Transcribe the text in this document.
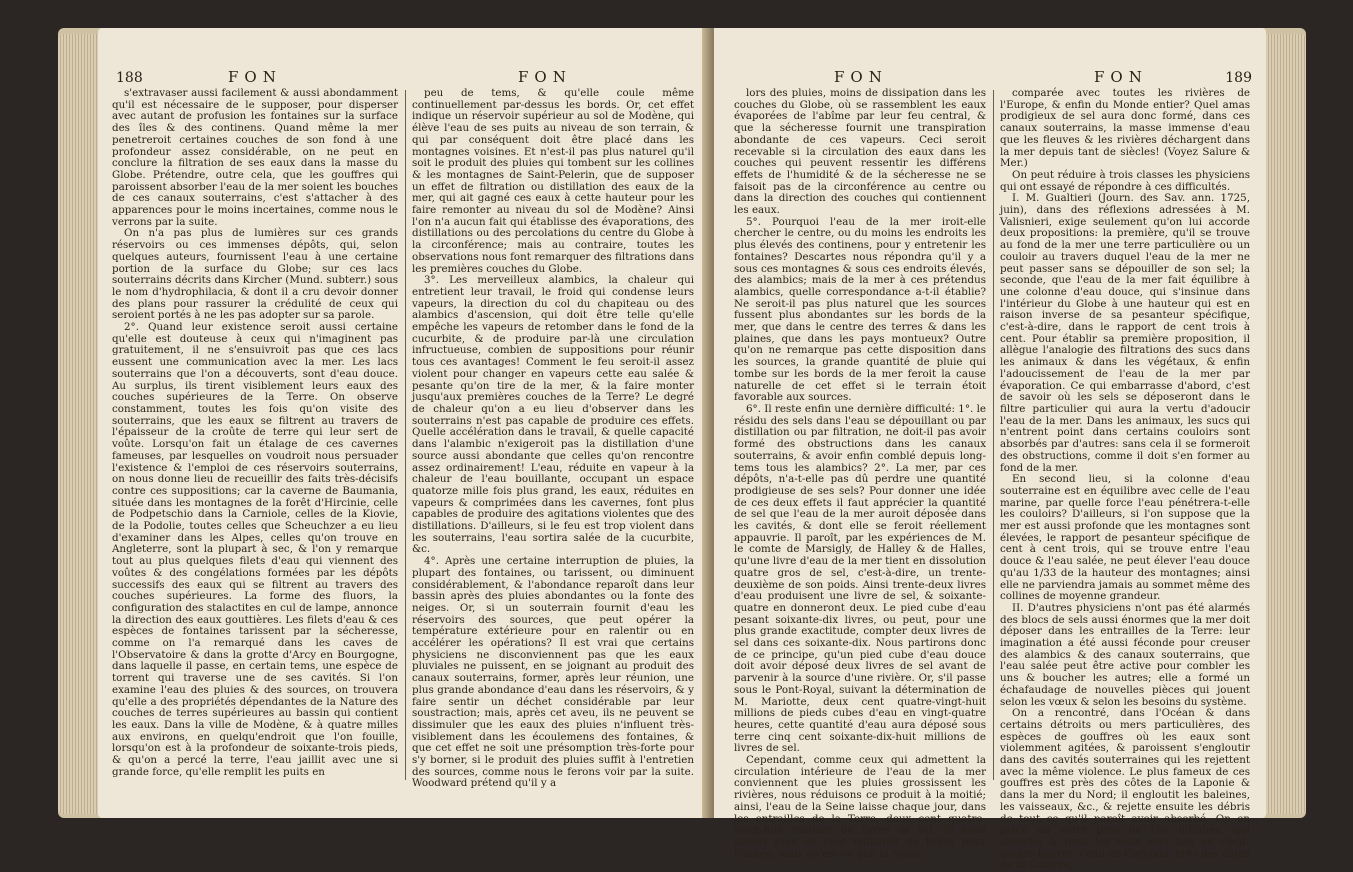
188	FON	FON

s'extravaser aussi facilement & aussi abondamment qu'il est nécessaire de le supposer, pour disperser avec autant de profusion les fontaines sur la surface des îles & des continens. Quand même la mer penetreroit certaines couches de son fond à une profondeur assez considérable, on ne peut en conclure la filtration de ses eaux dans la masse du Globe. Prétendre, outre cela, que les gouffres qui paroissent absorber l'eau de la mer soient les bouches de ces canaux souterrains, c'est s'attacher à des apparences pour le moins incertaines, comme nous le verrons par la suite.

On n'a pas plus de lumières sur ces grands réservoirs ou ces immenses dépôts, qui, selon quelques auteurs, fournissent l'eau à une certaine portion de la surface du Globe; sur ces lacs souterrains décrits dans Kircher (Mund. subterr.) sous le nom d'hydrophilacia, & dont il a cru devoir donner des plans pour rassurer la crédulité de ceux qui seroient portés à ne les pas adopter sur sa parole.

2°. Quand leur existence seroit aussi certaine qu'elle est douteuse à ceux qui n'imaginent pas gratuitement, il ne s'ensuivroit pas que ces lacs eussent une communication avec la mer. Les lacs souterrains que l'on a découverts, sont d'eau douce. Au surplus, ils tirent visiblement leurs eaux des couches supérieures de la Terre. On observe constamment, toutes les fois qu'on visite des souterrains, que les eaux se filtrent au travers de l'épaisseur de la croûte de terre qui leur sert de voûte. Lorsqu'on fait un étalage de ces cavernes fameuses, par lesquelles on voudroit nous persuader l'existence & l'emploi de ces réservoirs souterrains, on nous donne lieu de recueillir des faits très-décisifs contre ces suppositions; car la caverne de Baumania, située dans les montagnes de la forêt d'Hircinie, celle de Podpetschio dans la Carniole, celles de la Kiovie, de la Podolie, toutes celles que Scheuchzer a eu lieu d'examiner dans les Alpes, celles qu'on trouve en Angleterre, sont la plupart à sec, & l'on y remarque tout au plus quelques filets d'eau qui viennent des voûtes & des congélations formées par les dépôts successifs des eaux qui se filtrent au travers des couches supérieures. La forme des fluors, la configuration des stalactites en cul de lampe, annonce la direction des eaux gouttières. Les filets d'eau & ces espèces de fontaines tarissent par la sécheresse, comme on l'a remarqué dans les caves de l'Observatoire & dans la grotte d'Arcy en Bourgogne, dans laquelle il passe, en certain tems, une espèce de torrent qui traverse une de ses cavités. Si l'on examine l'eau des pluies & des sources, on trouvera qu'elle a des propriétés dépendantes de la Nature des couches de terres supérieures au bassin qui contient les eaux. Dans la ville de Modène, & à quatre milles aux environs, en quelqu'endroit que l'on fouille, lorsqu'on est à la profondeur de soixante-trois pieds, & qu'on a percé la terre, l'eau jaillit avec une si grande force, qu'elle remplit les puits en

peu de tems, & qu'elle coule même continuellement par-dessus les bords. Or, cet effet indique un réservoir supérieur au sol de Modène, qui élève l'eau de ses puits au niveau de son terrain, & qui par conséquent doit être placé dans les montagnes voisines. Et n'est-il pas plus naturel qu'il soit le produit des pluies qui tombent sur les collines & les montagnes de Saint-Pelerin, que de supposer un effet de filtration ou distillation des eaux de la mer, qui ait gagné ces eaux à cette hauteur pour les faire remonter au niveau du sol de Modène? Ainsi l'on n'a aucun fait qui établisse des évaporations, des distillations ou des percolations du centre du Globe à la circonférence; mais au contraire, toutes les observations nous font remarquer des filtrations dans les premières couches du Globe.

3°. Les merveilleux alambics, la chaleur qui entretient leur travail, le froid qui condense leurs vapeurs, la direction du col du chapiteau ou des alambics d'ascension, qui doit être telle qu'elle empêche les vapeurs de retomber dans le fond de la cucurbite, & de produire par-là une circulation infructueuse, combien de suppositions pour réunir tous ces avantages! Comment le feu seroit-il assez violent pour changer en vapeurs cette eau salée & pesante qu'on tire de la mer, & la faire monter jusqu'aux premières couches de la Terre? Le degré de chaleur qu'on a eu lieu d'observer dans les souterrains n'est pas capable de produire ces effets. Quelle accélération dans le travail, & quelle capacité dans l'alambic n'exigeroit pas la distillation d'une source aussi abondante que celles qu'on rencontre assez ordinairement! L'eau, réduite en vapeur à la chaleur de l'eau bouillante, occupant un espace quatorze mille fois plus grand, les eaux, réduites en vapeurs & comprimées dans les cavernes, font plus capables de produire des agitations violentes que des distillations. D'ailleurs, si le feu est trop violent dans les souterrains, l'eau sortira salée de la cucurbite, &c.

4°. Après une certaine interruption de pluies, la plupart des fontaines, ou tarissent, ou diminuent considérablement, & l'abondance reparoît dans leur bassin après des pluies abondantes ou la fonte des neiges. Or, si un souterrain fournit d'eau les réservoirs des sources, que peut opérer la température extérieure pour en ralentir ou en accélérer les opérations? Il est vrai que certains physiciens ne disconviennent pas que les eaux pluviales ne puissent, en se joignant au produit des canaux souterrains, former, après leur réunion, une plus grande abondance d'eau dans les réservoirs, & y faire sentir un déchet considérable par leur soustraction; mais, après cet aveu, ils ne peuvent se dissimuler que les eaux des pluies n'influent très-visiblement dans les écoulemens des fontaines, & que cet effet ne soit une présomption très-forte pour s'y borner, si le produit des pluies suffit à l'entretien des sources, comme nous le ferons voir par la suite. Woodward prétend qu'il y a

FON	FON	189

lors des pluies, moins de dissipation dans les couches du Globe, où se rassemblent les eaux évaporées de l'abîme par leur feu central, & que la sécheresse fournit une transpiration abondante de ces vapeurs. Ceci seroit recevable si la circulation des eaux dans les couches qui peuvent ressentir les différens effets de l'humidité & de la sécheresse ne se faisoit pas de la circonférence au centre ou dans la direction des couches qui contiennent les eaux.

5°. Pourquoi l'eau de la mer iroit-elle chercher le centre, ou du moins les endroits les plus élevés des continens, pour y entretenir les fontaines? Descartes nous répondra qu'il y a sous ces montagnes & sous ces endroits élevés, des alambics; mais de la mer à ces prétendus alambics, quelle correspondance a-t-il établie? Ne seroit-il pas plus naturel que les sources fussent plus abondantes sur les bords de la mer, que dans le centre des terres & dans les plaines, que dans les pays montueux? Outre qu'on ne remarque pas cette disposition dans les sources, la grande quantité de pluie qui tombe sur les bords de la mer feroit la cause naturelle de cet effet si le terrain étoit favorable aux sources.

6°. Il reste enfin une dernière difficulté: 1°. le résidu des sels dans l'eau se dépouillant ou par distillation ou par filtration, ne doit-il pas avoir formé des obstructions dans les canaux souterrains, & avoir enfin comblé depuis long-tems tous les alambics? 2°. La mer, par ces dépôts, n'a-t-elle pas dû perdre une quantité prodigieuse de ses sels? Pour donner une idée de ces deux effets il faut apprécier la quantité de sel que l'eau de la mer auroit déposée dans les cavités, & dont elle se feroit réellement appauvrie. Il paroît, par les expériences de M. le comte de Marsigly, de Halley & de Halles, qu'une livre d'eau de la mer tient en dissolution quatre gros de sel, c'est-à-dire, un trente-deuxième de son poids. Ainsi trente-deux livres d'eau produisent une livre de sel, & soixante-quatre en donneront deux. Le pied cube d'eau pesant soixante-dix livres, ou peut, pour une plus grande exactitude, compter deux livres de sel dans ces soixante-dix. Nous partirons donc de ce principe, qu'un pied cube d'eau douce doit avoir déposé deux livres de sel avant de parvenir à la source d'une rivière. Or, s'il passe sous le Pont-Royal, suivant la détermination de M. Mariotte, deux cent quatre-vingt-huit millions de pieds cubes d'eau en vingt-quatre heures, cette quantité d'eau aura déposé sous terre cinq cent soixante-dix-huit millions de livres de sel.

Cependant, comme ceux qui admettent la circulation intérieure de l'eau de la mer conviennent que les pluies grossissent les rivières, nous réduisons ce produit à la moitié; ainsi, l'eau de la Seine laisse chaque jour, dans les entrailles de la Terre, deux cent quatre-vingt-huit millions de livres de sel. Si nous avions plus de cent milliards de livres pour l'année; mais qu'est-ce que la Seine,

comparée avec toutes les rivières de l'Europe, & enfin du Monde entier? Quel amas prodigieux de sel aura donc formé, dans ces canaux souterrains, la masse immense d'eau que les fleuves & les rivières déchargent dans la mer depuis tant de siècles! (Voyez Salure & Mer.)

On peut réduire à trois classes les physiciens qui ont essayé de répondre à ces difficultés.

I. M. Gualtieri (Journ. des Sav. ann. 1725, juin), dans des réflexions adressées à M. Valisnieri, exige seulement qu'on lui accorde deux propositions: la première, qu'il se trouve au fond de la mer une terre particulière ou un couloir au travers duquel l'eau de la mer ne peut passer sans se dépouiller de son sel; la seconde, que l'eau de la mer fait équilibre à une colonne d'eau douce, qui s'insinue dans l'intérieur du Globe à une hauteur qui est en raison inverse de sa pesanteur spécifique, c'est-à-dire, dans le rapport de cent trois à cent. Pour établir sa première proposition, il allègue l'analogie des filtrations des sucs dans les animaux & dans les végétaux, & enfin l'adoucissement de l'eau de la mer par évaporation. Ce qui embarrasse d'abord, c'est de savoir où les sels se déposeront dans le filtre particulier qui aura la vertu d'adoucir l'eau de la mer. Dans les animaux, les sucs qui n'entrent point dans certains couloirs sont absorbés par d'autres: sans cela il se formeroit des obstructions, comme il doit s'en former au fond de la mer.

En second lieu, si la colonne d'eau souterraine est en équilibre avec celle de l'eau marine, par quelle force l'eau pénétrera-t-elle les couloirs? D'ailleurs, si l'on suppose que la mer est aussi profonde que les montagnes sont élevées, le rapport de pesanteur spécifique de cent à cent trois, qui se trouve entre l'eau douce & l'eau salée, ne peut élever l'eau douce qu'au 1/33 de la hauteur des montagnes; ainsi elle ne parviendra jamais au sommet même des collines de moyenne grandeur.

II. D'autres physiciens n'ont pas été alarmés des blocs de sels aussi énormes que la mer doit déposer dans les entrailles de la Terre: leur imagination a été aussi féconde pour creuser des alambics & des canaux souterrains, que l'eau salée peut être active pour combler les uns & boucher les autres; elle a formé un échafaudage de nouvelles pièces qui jouent selon les vœux & selon les besoins du système.

On a rencontré, dans l'Océan & dans certains détroits ou mers particulières, des espèces de gouffres où les eaux sont violemment agitées, & paroissent s'engloutir dans des cavités souterraines qui les rejettent avec la même violence. Le plus fameux de ces gouffres est près des côtes de la Laponie & dans la mer du Nord; il engloutit les baleines, les vaisseaux, &c., & rejette ensuite les débris de tout ce qu'il paroît avoir absorbé. On en place un autre près de l'île d'Eubée, qui absorbe & rend les eaux sept fois en vingt-quatre heures: celui de Carybde, près des côtes de la Calabre,
